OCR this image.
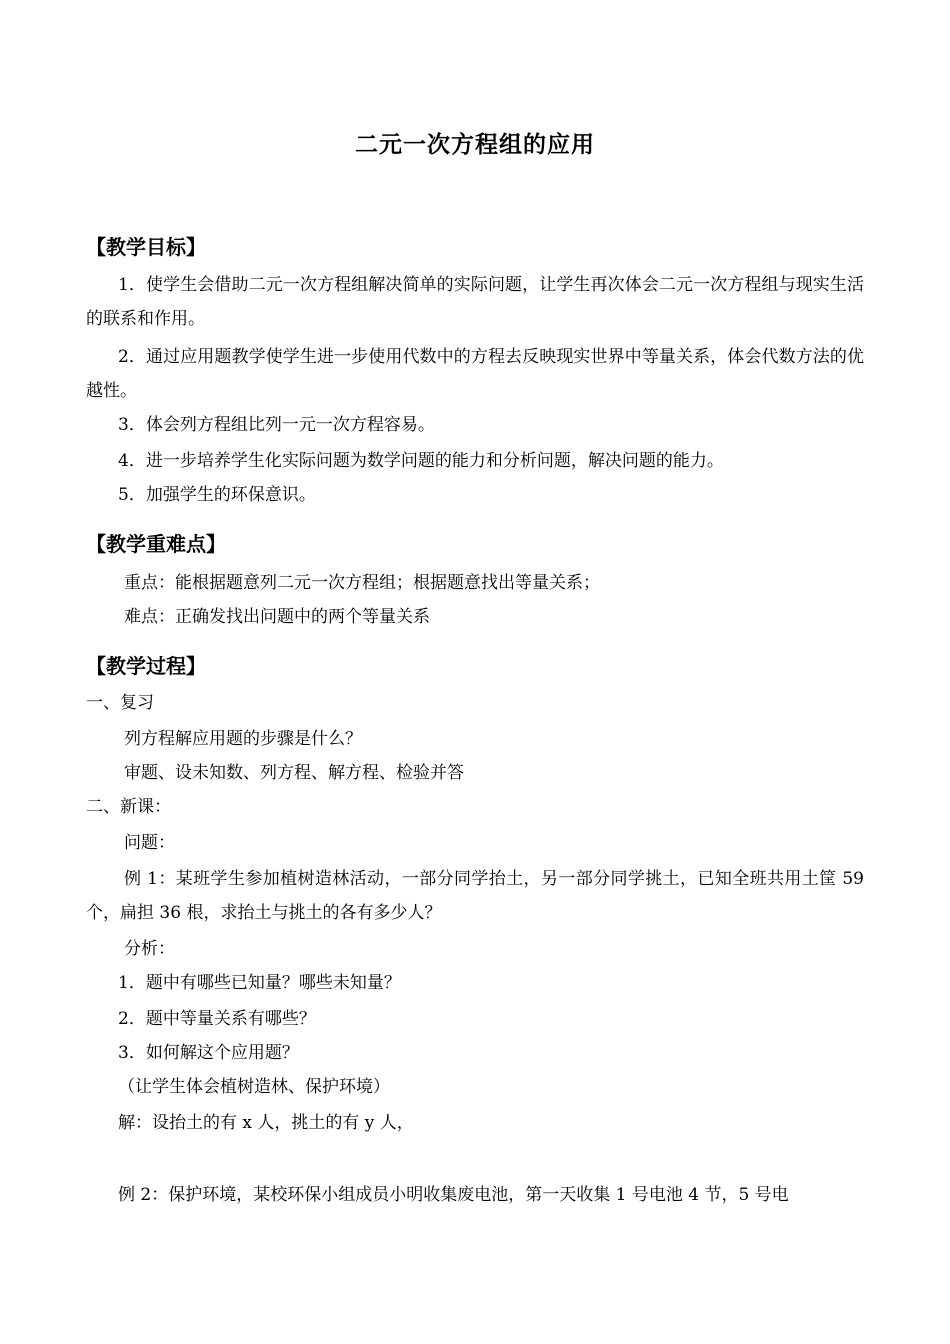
二元一次方程组的应用
【教学目标】
1．使学生会借助二元一次方程组解决简单的实际问题，让学生再次体会二元一次方程组与现实生活的联系和作用。
2．通过应用题教学使学生进一步使用代数中的方程去反映现实世界中等量关系，体会代数方法的优越性。
3．体会列方程组比列一元一次方程容易。
4．进一步培养学生化实际问题为数学问题的能力和分析问题，解决问题的能力。
5．加强学生的环保意识。
【教学重难点】
重点：能根据题意列二元一次方程组；根据题意找出等量关系；
难点：正确发找出问题中的两个等量关系
【教学过程】
一、复习
列方程解应用题的步骤是什么？
审题、设未知数、列方程、解方程、检验并答
二、新课：
问题：
例 1：某班学生参加植树造林活动，一部分同学抬土，另一部分同学挑土，已知全班共用土筐 59 个，扁担 36 根，求抬土与挑土的各有多少人？
分析：
1．题中有哪些已知量？哪些未知量？
2．题中等量关系有哪些？
3．如何解这个应用题？
（让学生体会植树造林、保护环境）
解：设抬土的有 x 人，挑土的有 y 人，
例 2：保护环境，某校环保小组成员小明收集废电池，第一天收集 1 号电池 4 节，5 号电
